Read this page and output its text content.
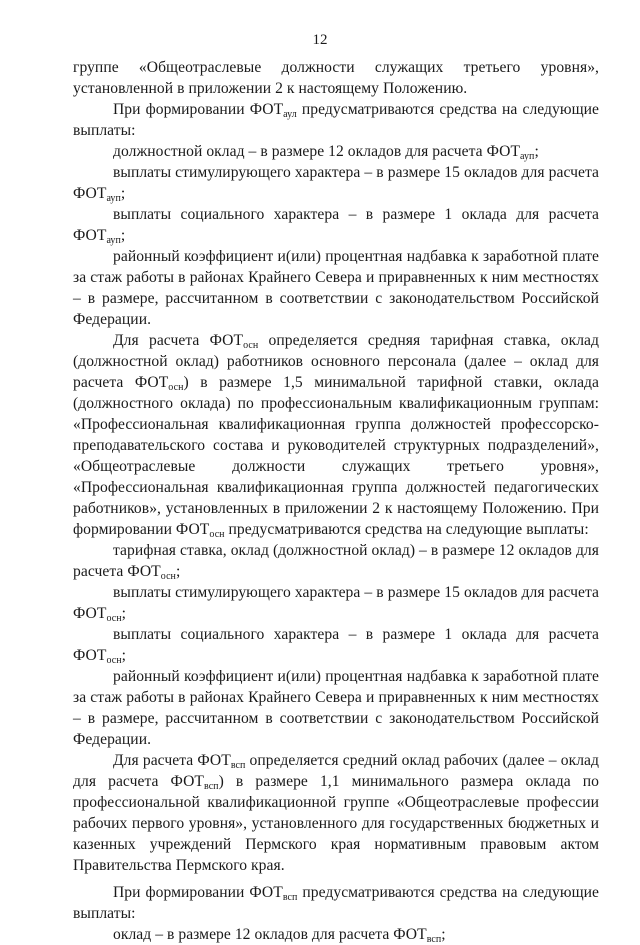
12

группе «Общеотраслевые должности служащих третьего уровня», установленной в приложении 2 к настоящему Положению.

При формировании $ФОТ_{аул}$ предусматриваются средства на следующие выплаты:

должностной оклад – в размере 12 окладов для расчета $ФОТ_{ауп}$;

выплаты стимулирующего характера – в размере 15 окладов для расчета $ФОТ_{ауп}$;

выплаты социального характера – в размере 1 оклада для расчета $ФОТ_{ауп}$;

районный коэффициент и(или) процентная надбавка к заработной плате за стаж работы в районах Крайнего Севера и приравненных к ним местностях – в размере, рассчитанном в соответствии с законодательством Российской Федерации.

Для расчета $ФОТ_{осн}$ определяется средняя тарифная ставка, оклад (должностной оклад) работников основного персонала (далее – оклад для расчета $ФОТ_{осн}$) в размере 1,5 минимальной тарифной ставки, оклада (должностного оклада) по профессиональным квалификационным группам: «Профессиональная квалификационная группа должностей профессорско-преподавательского состава и руководителей структурных подразделений», «Общеотраслевые должности служащих третьего уровня», «Профессиональная квалификационная группа должностей педагогических работников», установленных в приложении 2 к настоящему Положению. При формировании $ФОТ_{осн}$ предусматриваются средства на следующие выплаты:

тарифная ставка, оклад (должностной оклад) – в размере 12 окладов для расчета $ФОТ_{осн}$;

выплаты стимулирующего характера – в размере 15 окладов для расчета $ФОТ_{осн}$;

выплаты социального характера – в размере 1 оклада для расчета $ФОТ_{осн}$;

районный коэффициент и(или) процентная надбавка к заработной плате за стаж работы в районах Крайнего Севера и приравненных к ним местностях – в размере, рассчитанном в соответствии с законодательством Российской Федерации.

Для расчета $ФОТ_{всп}$ определяется средний оклад рабочих (далее – оклад для расчета $ФОТ_{всп}$) в размере 1,1 минимального размера оклада по профессиональной квалификационной группе «Общеотраслевые профессии рабочих первого уровня», установленного для государственных бюджетных и казенных учреждений Пермского края нормативным правовым актом Правительства Пермского края.

При формировании $ФОТ_{всп}$ предусматриваются средства на следующие выплаты:

оклад – в размере 12 окладов для расчета $ФОТ_{всп}$;
